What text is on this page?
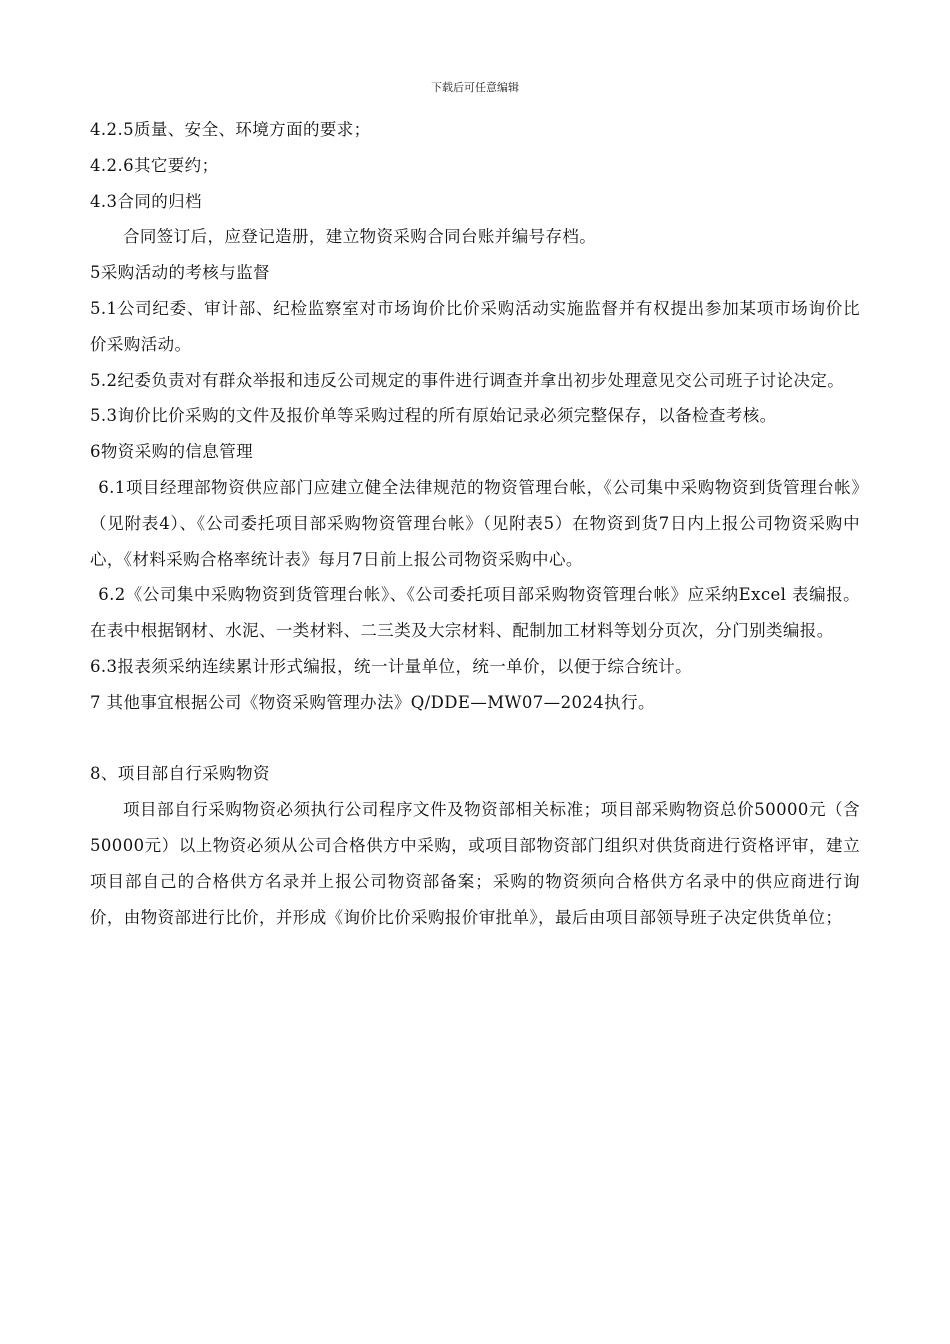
下载后可任意编辑

4.2.5质量、安全、环境方面的要求；

4.2.6其它要约；

4.3合同的归档

合同签订后，应登记造册，建立物资采购合同台账并编号存档。

5采购活动的考核与监督

5.1公司纪委、审计部、纪检监察室对市场询价比价采购活动实施监督并有权提出参加某项市场询价比价采购活动。

5.2纪委负责对有群众举报和违反公司规定的事件进行调查并拿出初步处理意见交公司班子讨论决定。

5.3询价比价采购的文件及报价单等采购过程的所有原始记录必须完整保存，以备检查考核。

6物资采购的信息管理

6.1项目经理部物资供应部门应建立健全法律规范的物资管理台帐，《公司集中采购物资到货管理台帐》（见附表4）、《公司委托项目部采购物资管理台帐》（见附表5）在物资到货7日内上报公司物资采购中心，《材料采购合格率统计表》每月7日前上报公司物资采购中心。

6.2《公司集中采购物资到货管理台帐》、《公司委托项目部采购物资管理台帐》应采纳Excel 表编报。在表中根据钢材、水泥、一类材料、二三类及大宗材料、配制加工材料等划分页次，分门别类编报。

6.3报表须采纳连续累计形式编报，统一计量单位，统一单价，以便于综合统计。

7 其他事宜根据公司《物资采购管理办法》Q/DDE—MW07—2024执行。

8、项目部自行采购物资

项目部自行采购物资必须执行公司程序文件及物资部相关标准；项目部采购物资总价50000元（含50000元）以上物资必须从公司合格供方中采购，或项目部物资部门组织对供货商进行资格评审，建立项目部自己的合格供方名录并上报公司物资部备案；采购的物资须向合格供方名录中的供应商进行询价，由物资部进行比价，并形成《询价比价采购报价审批单》，最后由项目部领导班子决定供货单位；
